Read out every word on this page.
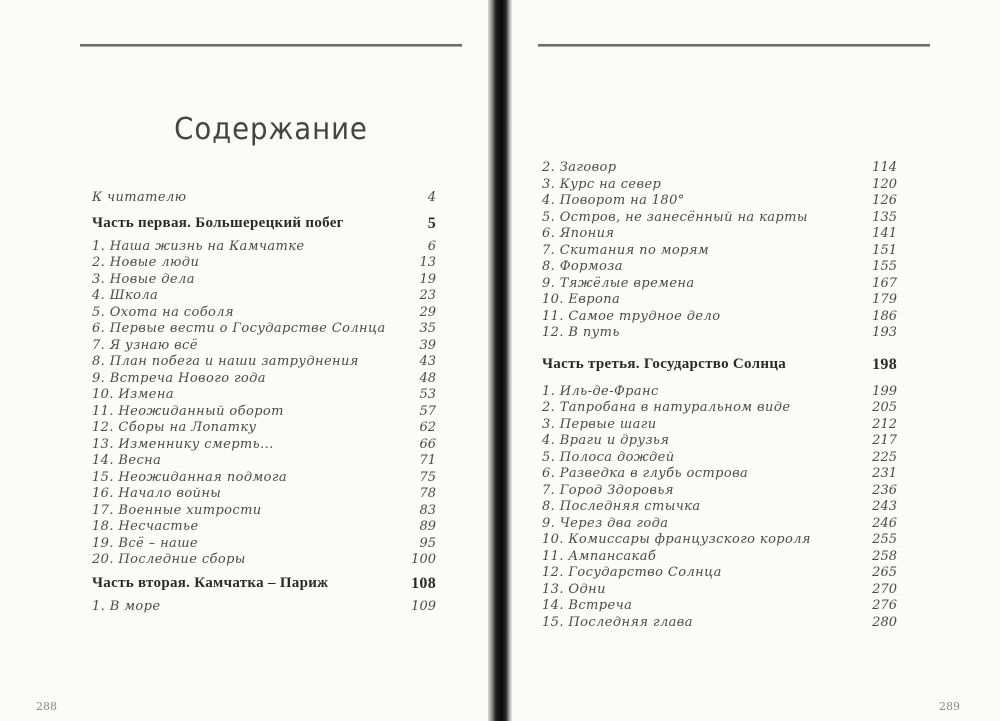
Содержание
К читателю	4
Часть первая. Большерецкий побег	5
1. Наша жизнь на Камчатке	6
2. Новые люди	13
3. Новые дела	19
4. Школа	23
5. Охота на соболя	29
6. Первые вести о Государстве Солнца	35
7. Я узнаю всё	39
8. План побега и наши затруднения	43
9. Встреча Нового года	48
10. Измена	53
11. Неожиданный оборот	57
12. Сборы на Лопатку	62
13. Изменнику смерть...	66
14. Весна	71
15. Неожиданная подмога	75
16. Начало войны	78
17. Военные хитрости	83
18. Несчастье	89
19. Всё – наше	95
20. Последние сборы	100
Часть вторая. Камчатка – Париж	108
1. В море	109
288
2. Заговор	114
3. Курс на север	120
4. Поворот на 180°	126
5. Остров, не занесённый на карты	135
6. Япония	141
7. Скитания по морям	151
8. Формоза	155
9. Тяжёлые времена	167
10. Европа	179
11. Самое трудное дело	186
12. В путь	193
Часть третья. Государство Солнца	198
1. Иль-де-Франс	199
2. Тапробана в натуральном виде	205
3. Первые шаги	212
4. Враги и друзья	217
5. Полоса дождей	225
6. Разведка в глубь острова	231
7. Город Здоровья	236
8. Последняя стычка	243
9. Через два года	246
10. Комиссары французского короля	255
11. Ампансакаб	258
12. Государство Солнца	265
13. Одни	270
14. Встреча	276
15. Последняя глава	280
289
